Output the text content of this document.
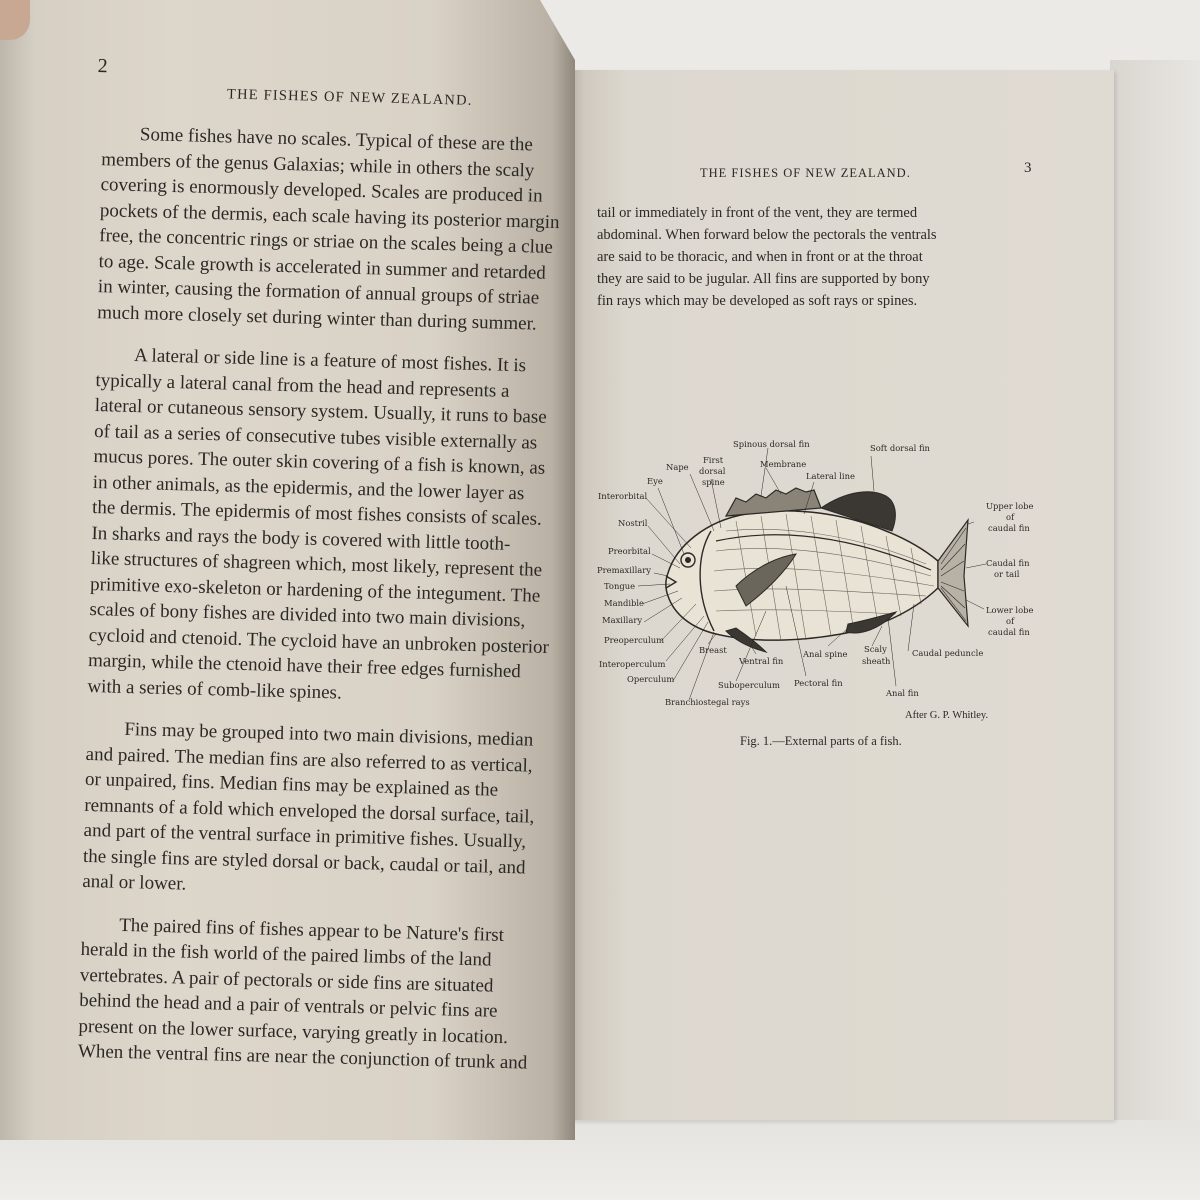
2
THE FISHES OF NEW ZEALAND.

Some fishes have no scales. Typical of these are the
members of the genus Galaxias; while in others the scaly
covering is enormously developed. Scales are produced in
pockets of the dermis, each scale having its posterior margin
free, the concentric rings or striae on the scales being a clue
to age. Scale growth is accelerated in summer and retarded
in winter, causing the formation of annual groups of striae
much more closely set during winter than during summer.

A lateral or side line is a feature of most fishes. It is
typically a lateral canal from the head and represents a
lateral or cutaneous sensory system. Usually, it runs to base
of tail as a series of consecutive tubes visible externally as
mucus pores. The outer skin covering of a fish is known, as
in other animals, as the epidermis, and the lower layer as
the dermis. The epidermis of most fishes consists of scales.
In sharks and rays the body is covered with little tooth-
like structures of shagreen which, most likely, represent the
primitive exo-skeleton or hardening of the integument. The
scales of bony fishes are divided into two main divisions,
cycloid and ctenoid. The cycloid have an unbroken posterior
margin, while the ctenoid have their free edges furnished
with a series of comb-like spines.

Fins may be grouped into two main divisions, median
and paired. The median fins are also referred to as vertical,
or unpaired, fins. Median fins may be explained as the
remnants of a fold which enveloped the dorsal surface, tail,
and part of the ventral surface in primitive fishes. Usually,
the single fins are styled dorsal or back, caudal or tail, and
anal or lower.

The paired fins of fishes appear to be Nature's first
herald in the fish world of the paired limbs of the land
vertebrates. A pair of pectorals or side fins are situated
behind the head and a pair of ventrals or pelvic fins are
present on the lower surface, varying greatly in location.
When the ventral fins are near the conjunction of trunk and

THE FISHES OF NEW ZEALAND.	3
tail or immediately in front of the vent, they are termed
abdominal. When forward below the pectorals the ventrals
are said to be thoracic, and when in front or at the throat
they are said to be jugular. All fins are supported by bony
fin rays which may be developed as soft rays or spines.
Spinous dorsal fin	Soft dorsal fin
First
dorsal
spine
Membrane
Nape
Lateral line
Eye
Interorbital
Nostril
Preorbital
Premaxillary
Tongue
Mandible
Maxillary
Preoperculum
Interoperculum
Operculum
Branchiostegal rays
Breast
Ventral fin
Suboperculum Pectoral fin
Anal spine Scaly
sheath
Caudal peduncle
Anal fin
Upper lobe
of
caudal fin
Caudal fin
or tail
Lower lobe
of
caudal fin
After G. P. Whitley.
Fig. 1.—External parts of a fish.
